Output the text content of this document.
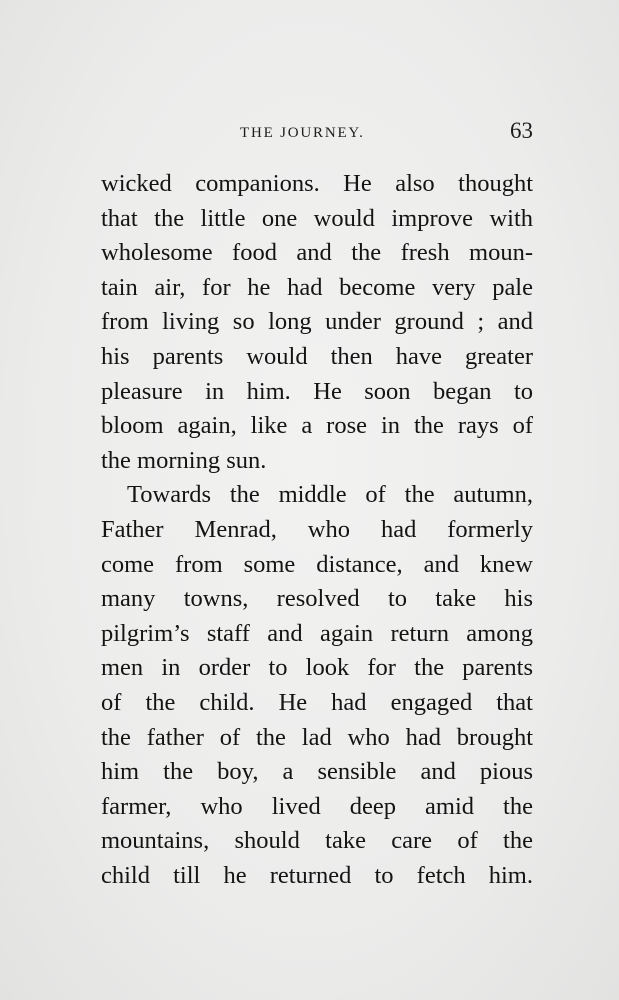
THE JOURNEY.	63
wicked companions. He also thought
that the little one would improve with
wholesome food and the fresh moun-
tain air, for he had become very pale
from living so long under ground ; and
his parents would then have greater
pleasure in him. He soon began to
bloom again, like a rose in the rays of
the morning sun.
Towards the middle of the autumn,
Father Menrad, who had formerly
come from some distance, and knew
many towns, resolved to take his
pilgrim’s staff and again return among
men in order to look for the parents
of the child. He had engaged that
the father of the lad who had brought
him the boy, a sensible and pious
farmer, who lived deep amid the
mountains, should take care of the
child till he returned to fetch him.
